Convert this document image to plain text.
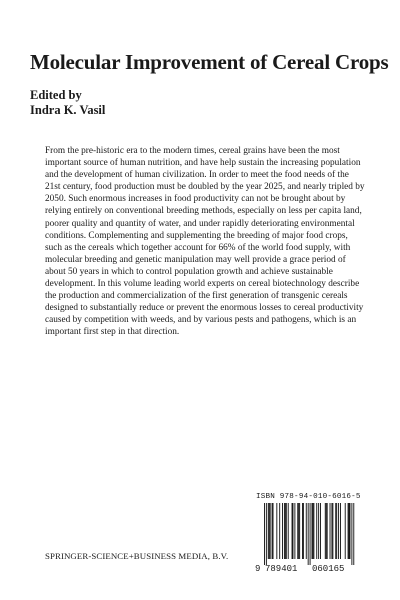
Molecular Improvement of Cereal Crops
Edited by
Indra K. Vasil

From the pre-historic era to the modern times, cereal grains have been the most important source of human nutrition, and have help sustain the increasing population and the development of human civilization. In order to meet the food needs of the 21st century, food production must be doubled by the year 2025, and nearly tripled by 2050. Such enormous increases in food productivity can not be brought about by relying entirely on conventional breeding methods, especially on less per capita land, poorer quality and quantity of water, and under rapidly deteriorating environmental conditions. Complementing and supplementing the breeding of major food crops, such as the cereals which together account for 66% of the world food supply, with molecular breeding and genetic manipulation may well provide a grace period of about 50 years in which to control population growth and achieve sustainable development. In this volume leading world experts on cereal biotechnology describe the production and commercialization of the first generation of transgenic cereals designed to substantially reduce or prevent the enormous losses to cereal productivity caused by competition with weeds, and by various pests and pathogens, which is an important first step in that direction.

SPRINGER-SCIENCE+BUSINESS MEDIA, B.V.
ISBN 978-94-010-6016-5
9 789401 060165
